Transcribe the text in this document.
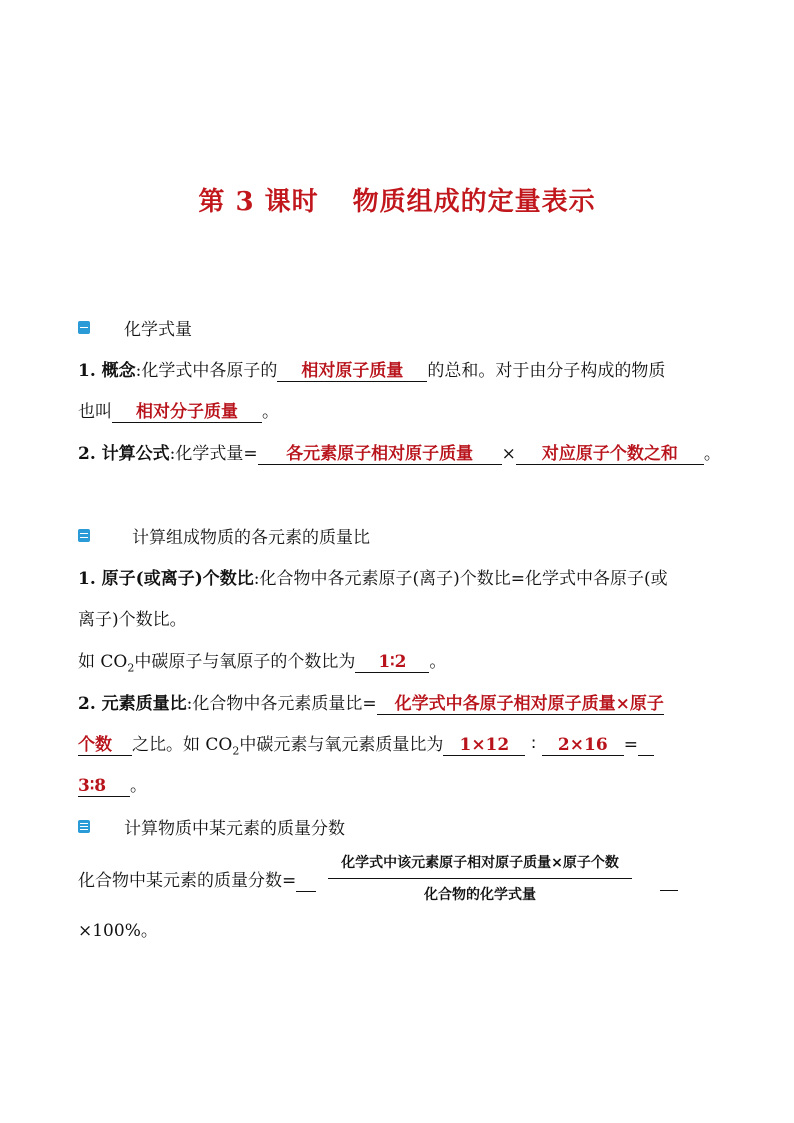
第 3 课时 物质组成的定量表示
化学式量
1. 概念:化学式中各原子的 相对原子质量 的总和。对于由分子构成的物质
也叫 相对分子质量 。
2. 计算公式:化学式量= 各元素原子相对原子质量 × 对应原子个数之和 。
计算组成物质的各元素的质量比
1. 原子(或离子)个数比:化合物中各元素原子(离子)个数比=化学式中各原子(或
离子)个数比。
如 $CO_2$中碳原子与氧原子的个数比为 1∶2 。
2. 元素质量比:化合物中各元素质量比= 化学式中各原子相对原子质量×原子
个数 之比。如 $CO_2$中碳元素与氧元素质量比为 1×12 ∶ 2×16 =
3∶8 。
计算物质中某元素的质量分数
化合物中某元素的质量分数=
化学式中该元素原子相对原子质量×原子个数
化合物的化学式量

×100%。
